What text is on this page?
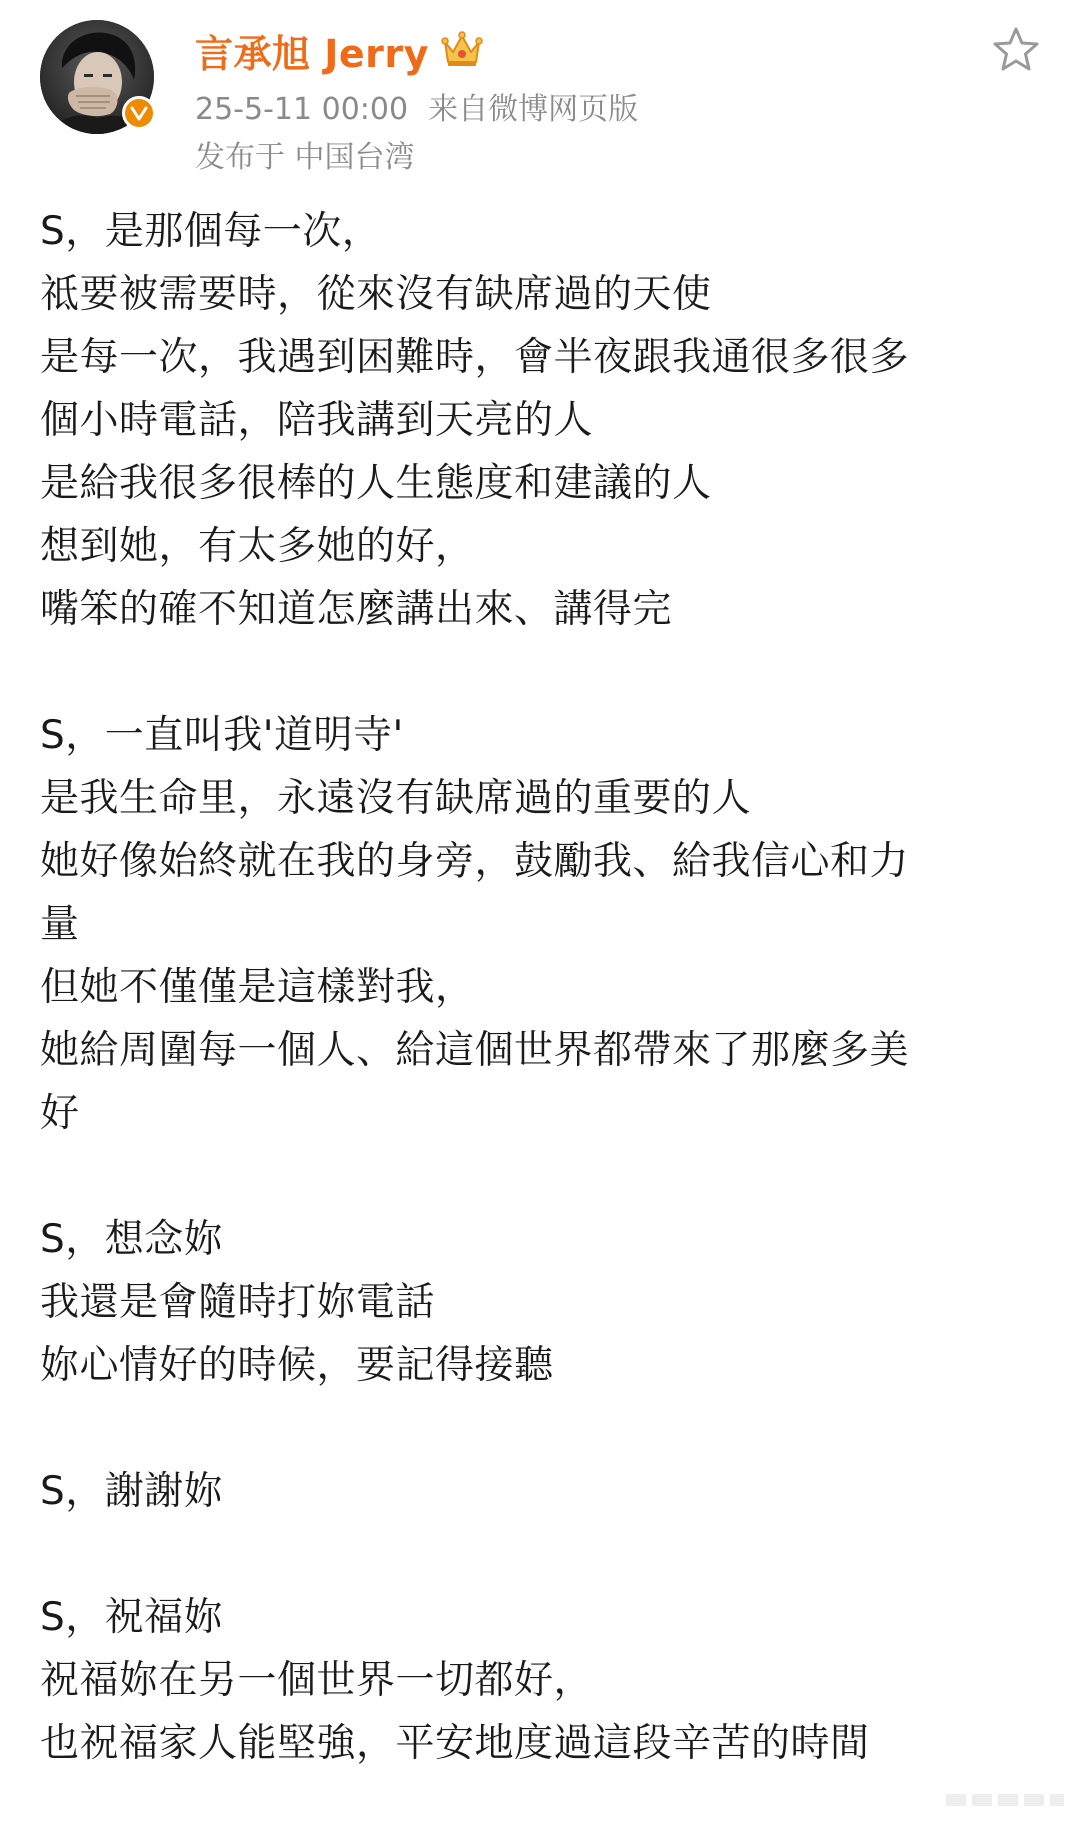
言承旭 Jerry
25-5-11 00:00 来自微博网页版
发布于 中国台湾
S，是那個每一次，
祗要被需要時，從來沒有缺席過的天使
是每一次，我遇到困難時，會半夜跟我通很多很多
個小時電話，陪我講到天亮的人
是給我很多很棒的人生態度和建議的人
想到她，有太多她的好，
嘴笨的確不知道怎麼講出來、講得完
S，一直叫我'道明寺'
是我生命里，永遠沒有缺席過的重要的人
她好像始終就在我的身旁，鼓勵我、給我信心和力
量
但她不僅僅是這樣對我，
她給周圍每一個人、給這個世界都帶來了那麼多美
好
S，想念妳
我還是會隨時打妳電話
妳心情好的時候，要記得接聽
S，謝謝妳
S，祝福妳
祝福妳在另一個世界一切都好，
也祝福家人能堅強，平安地度過這段辛苦的時間
